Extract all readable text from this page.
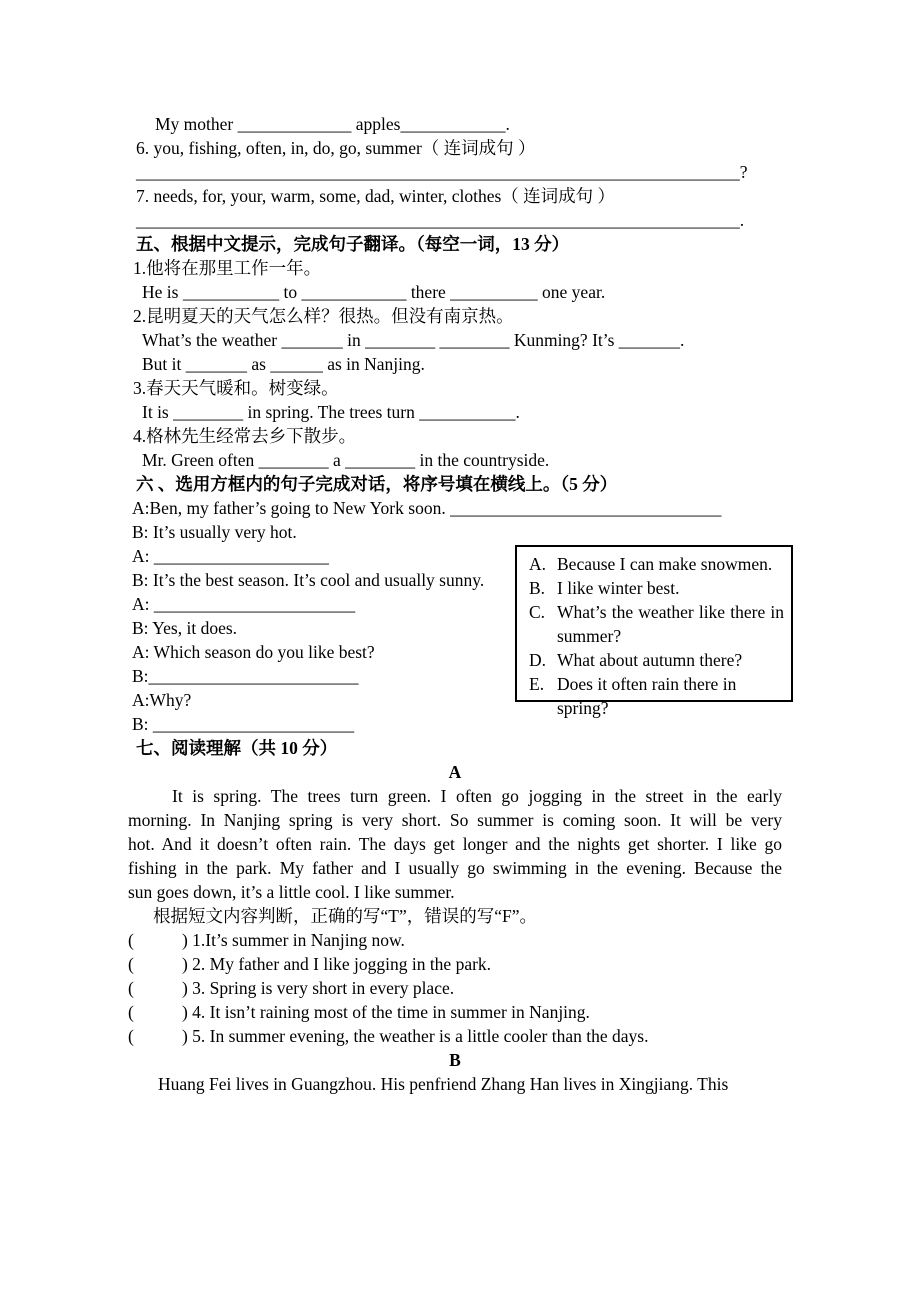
My mother _____________ apples____________.
6. you, fishing, often, in, do, go, summer（ 连词成句 ）
_____________________________________________________________________?
7. needs, for, your, warm, some, dad, winter, clothes（ 连词成句 ）
_____________________________________________________________________.
五、根据中文提示，完成句子翻译。（每空一词，13 分）
1.他将在那里工作一年。
He is ___________ to ____________ there __________ one year.
2.昆明夏天的天气怎么样？很热。但没有南京热。
What’s the weather _______ in ________ ________ Kunming? It’s _______.
But it _______ as ______ as in Nanjing.
3.春天天气暖和。树变绿。
It is ________ in spring. The trees turn ___________.
4.格林先生经常去乡下散步。
Mr. Green often ________ a ________ in the countryside.
六 、选用方框内的句子完成对话，将序号填在横线上。（5 分）
A:Ben, my father’s going to New York soon. _______________________________
B: It’s usually very hot.
A: ____________________
B: It’s the best season. It’s cool and usually sunny.
A: _______________________
B: Yes, it does.
A: Which season do you like best?
B:________________________
A:Why?
B: _______________________
七、阅读理解（共 10 分）
A
It is spring. The trees turn green. I often go jogging in the street in the early
morning. In Nanjing spring is very short. So summer is coming soon. It will be very
hot. And it doesn’t often rain. The days get longer and the nights get shorter. I like go
fishing in the park. My father and I usually go swimming in the evening. Because the
sun goes down, it’s a little cool. I like summer.
根据短文内容判断，正确的写“T”，错误的写“F”。
(           ) 1.It’s summer in Nanjing now.
(           ) 2. My father and I like jogging in the park.
(           ) 3. Spring is very short in every place.
(           ) 4. It isn’t raining most of the time in summer in Nanjing.
(           ) 5. In summer evening, the weather is a little cooler than the days.
B
Huang Fei lives in Guangzhou. His penfriend Zhang Han lives in Xingjiang. This
A. Because I can make snowmen.
B. I like winter best.
C. What’s the weather like there in
summer?
D. What about autumn there?
E. Does it often rain there in spring?
